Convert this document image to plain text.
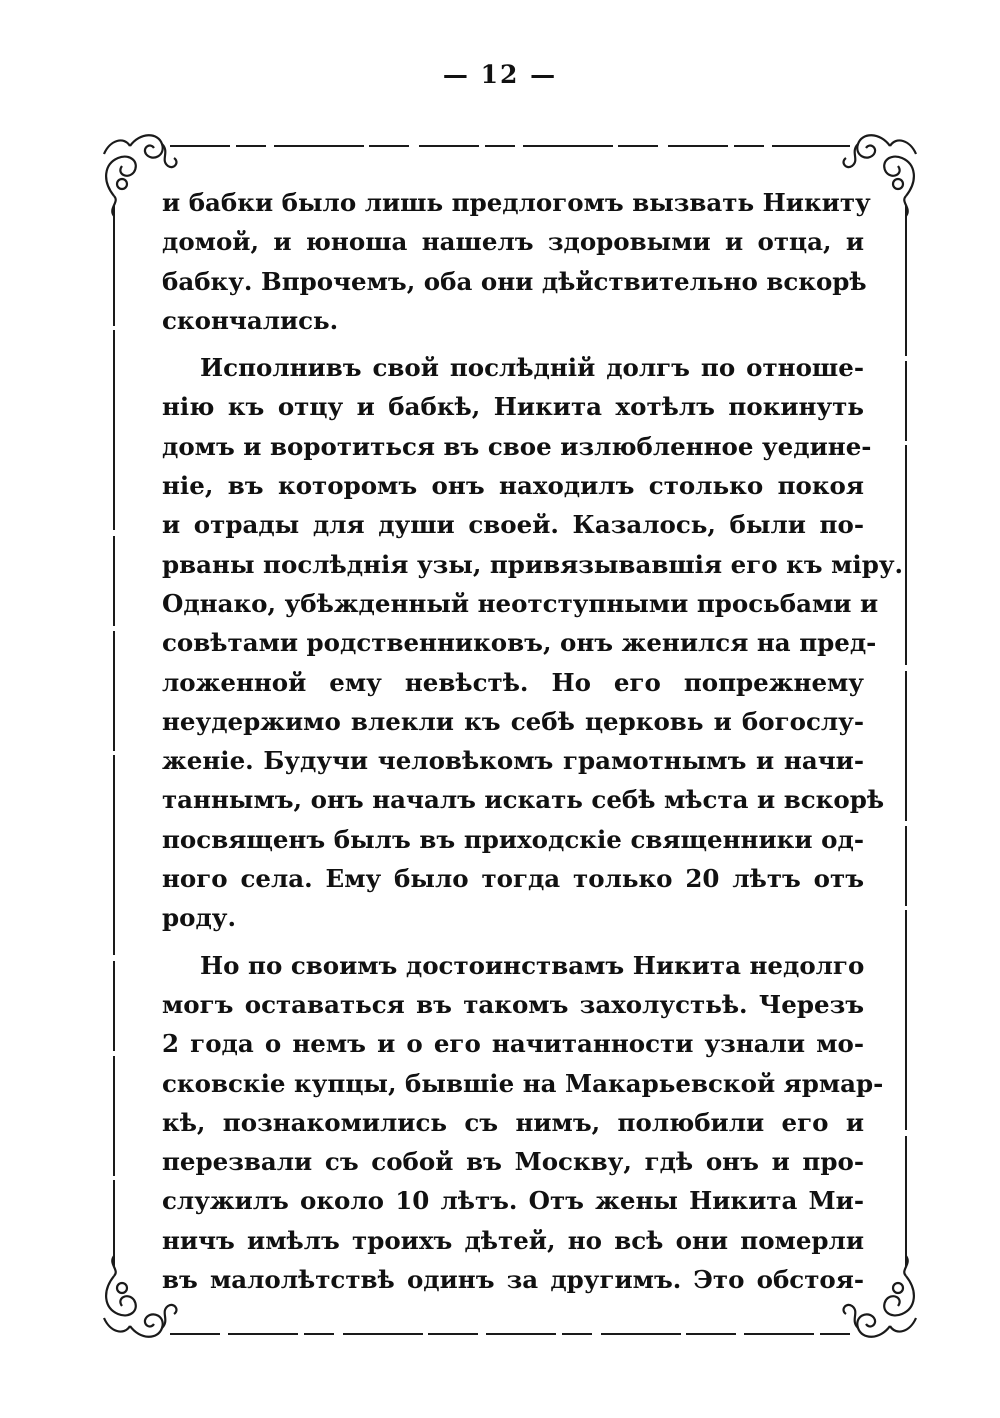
— 12 —
и бабки было лишь предлогомъ вызвать Никиту
домой, и юноша нашелъ здоровыми и отца, и
бабку. Впрочемъ, оба они дѣйствительно вскорѣ
скончались.
Исполнивъ свой послѣднiй долгъ по отноше-
нiю къ отцу и бабкѣ, Никита хотѣлъ покинуть
домъ и воротиться въ свое излюбленное уедине-
нiе, въ которомъ онъ находилъ столько покоя
и отрады для души своей. Казалось, были по-
рваны послѣднiя узы, привязывавшiя его къ мiру.
Однако, убѣжденный неотступными просьбами и
совѣтами родственниковъ, онъ женился на пред-
ложенной ему невѣстѣ. Но его попрежнему
неудержимо влекли къ себѣ церковь и богослу-
женiе. Будучи человѣкомъ грамотнымъ и начи-
таннымъ, онъ началъ искать себѣ мѣста и вскорѣ
посвященъ былъ въ приходскiе священники од-
ного села. Ему было тогда только 20 лѣтъ отъ
роду.
Но по своимъ достоинствамъ Никита недолго
могъ оставаться въ такомъ захолустьѣ. Черезъ
2 года о немъ и о его начитанности узнали мо-
сковскiе купцы, бывшiе на Макарьевской ярмар-
кѣ, познакомились съ нимъ, полюбили его и
перезвали съ собой въ Москву, гдѣ онъ и про-
служилъ около 10 лѣтъ. Отъ жены Никита Ми-
ничъ имѣлъ троихъ дѣтей, но всѣ они померли
въ малолѣтствѣ одинъ за другимъ. Это обстоя-
